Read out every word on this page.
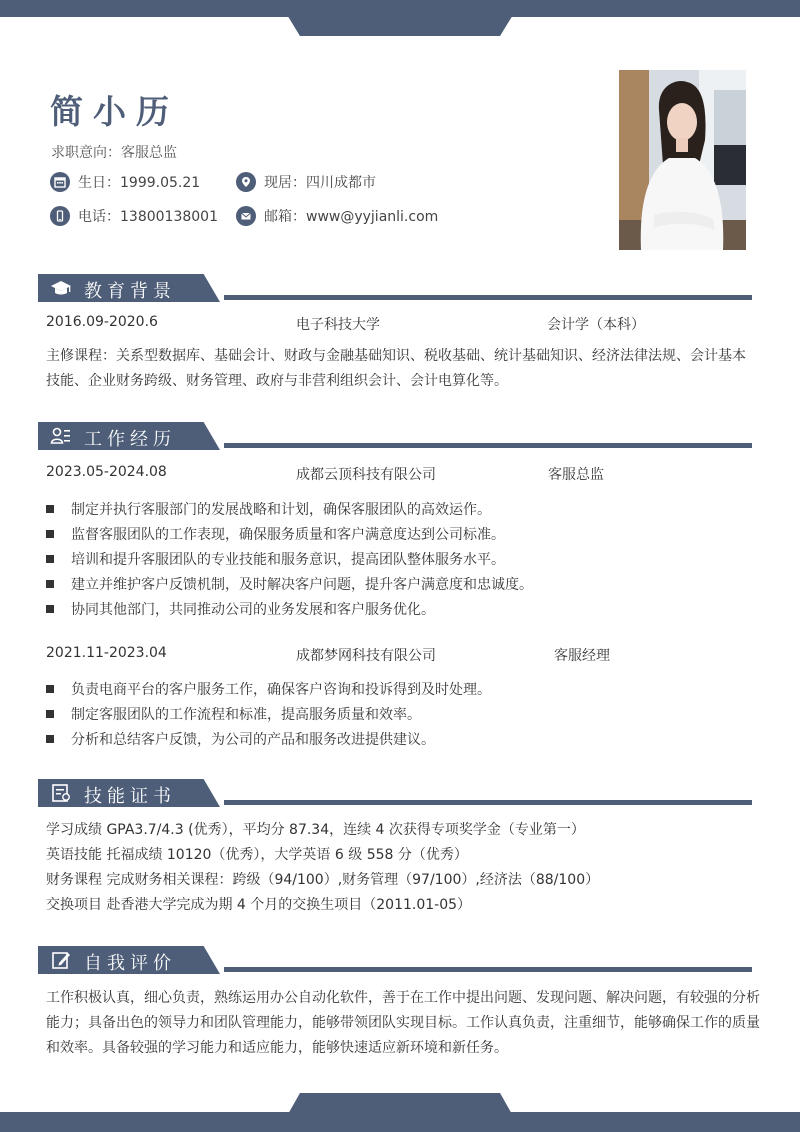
简小历
求职意向：客服总监
生日：1999.05.21	现居：四川成都市
电话：13800138001	邮箱：www@yyjianli.com
教育背景
2016.09-2020.6	电子科技大学	会计学（本科）
主修课程：关系型数据库、基础会计、财政与金融基础知识、税收基础、统计基础知识、经济法律法规、会计基本
技能、企业财务跨级、财务管理、政府与非营利组织会计、会计电算化等。
工作经历
2023.05-2024.08	成都云顶科技有限公司	客服总监
制定并执行客服部门的发展战略和计划，确保客服团队的高效运作。
监督客服团队的工作表现，确保服务质量和客户满意度达到公司标准。
培训和提升客服团队的专业技能和服务意识，提高团队整体服务水平。
建立并维护客户反馈机制，及时解决客户问题，提升客户满意度和忠诚度。
协同其他部门，共同推动公司的业务发展和客户服务优化。
2021.11-2023.04	成都梦网科技有限公司	客服经理
负责电商平台的客户服务工作，确保客户咨询和投诉得到及时处理。
制定客服团队的工作流程和标准，提高服务质量和效率。
分析和总结客户反馈，为公司的产品和服务改进提供建议。
技能证书
学习成绩 GPA3.7/4.3 (优秀），平均分 87.34，连续 4 次获得专项奖学金（专业第一）
英语技能 托福成绩 10120（优秀），大学英语 6 级 558 分（优秀）
财务课程 完成财务相关课程：跨级（94/100）,财务管理（97/100）,经济法（88/100）
交换项目 赴香港大学完成为期 4 个月的交换生项目（2011.01-05）
自我评价
工作积极认真，细心负责，熟练运用办公自动化软件，善于在工作中提出问题、发现问题、解决问题，有较强的分析
能力；具备出色的领导力和团队管理能力，能够带领团队实现目标。工作认真负责，注重细节，能够确保工作的质量
和效率。具备较强的学习能力和适应能力，能够快速适应新环境和新任务。
